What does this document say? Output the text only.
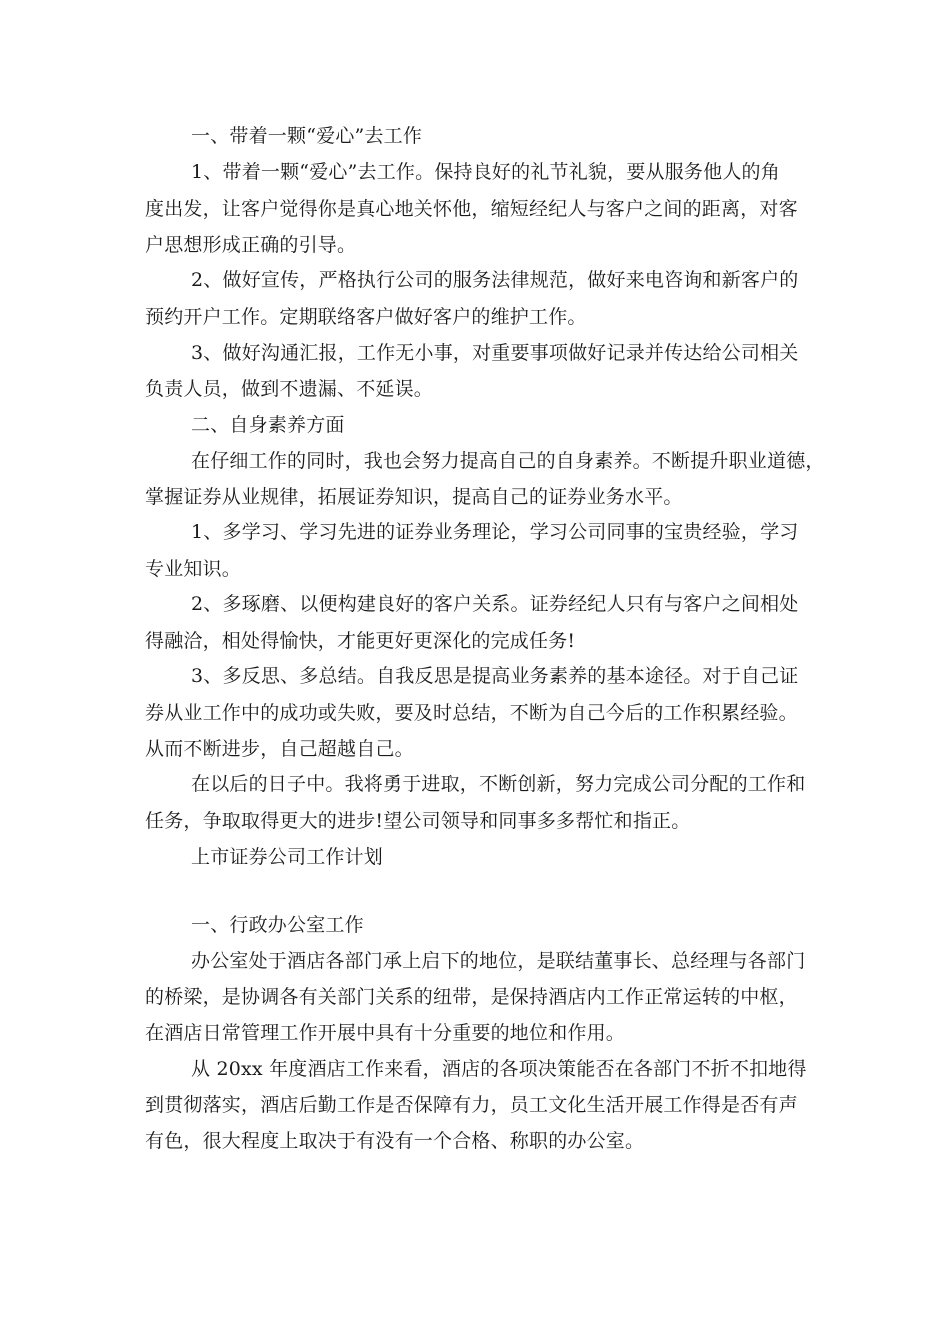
一、带着一颗“爱心”去工作
1、带着一颗“爱心”去工作。保持良好的礼节礼貌，要从服务他人的角
度出发，让客户觉得你是真心地关怀他，缩短经纪人与客户之间的距离，对客
户思想形成正确的引导。
2、做好宣传，严格执行公司的服务法律规范，做好来电咨询和新客户的
预约开户工作。定期联络客户做好客户的维护工作。
3、做好沟通汇报，工作无小事，对重要事项做好记录并传达给公司相关
负责人员，做到不遗漏、不延误。
二、自身素养方面
在仔细工作的同时，我也会努力提高自己的自身素养。不断提升职业道德，
掌握证券从业规律，拓展证券知识，提高自己的证券业务水平。
1、多学习、学习先进的证券业务理论，学习公司同事的宝贵经验，学习
专业知识。
2、多琢磨、以便构建良好的客户关系。证券经纪人只有与客户之间相处
得融洽，相处得愉快，才能更好更深化的完成任务!
3、多反思、多总结。自我反思是提高业务素养的基本途径。对于自己证
券从业工作中的成功或失败，要及时总结，不断为自己今后的工作积累经验。
从而不断进步，自己超越自己。
在以后的日子中。我将勇于进取，不断创新，努力完成公司分配的工作和
任务，争取取得更大的进步!望公司领导和同事多多帮忙和指正。
上市证券公司工作计划
一、行政办公室工作
办公室处于酒店各部门承上启下的地位，是联结董事长、总经理与各部门
的桥梁，是协调各有关部门关系的纽带，是保持酒店内工作正常运转的中枢，
在酒店日常管理工作开展中具有十分重要的地位和作用。
从 20xx 年度酒店工作来看，酒店的各项决策能否在各部门不折不扣地得
到贯彻落实，酒店后勤工作是否保障有力，员工文化生活开展工作得是否有声
有色，很大程度上取决于有没有一个合格、称职的办公室。
